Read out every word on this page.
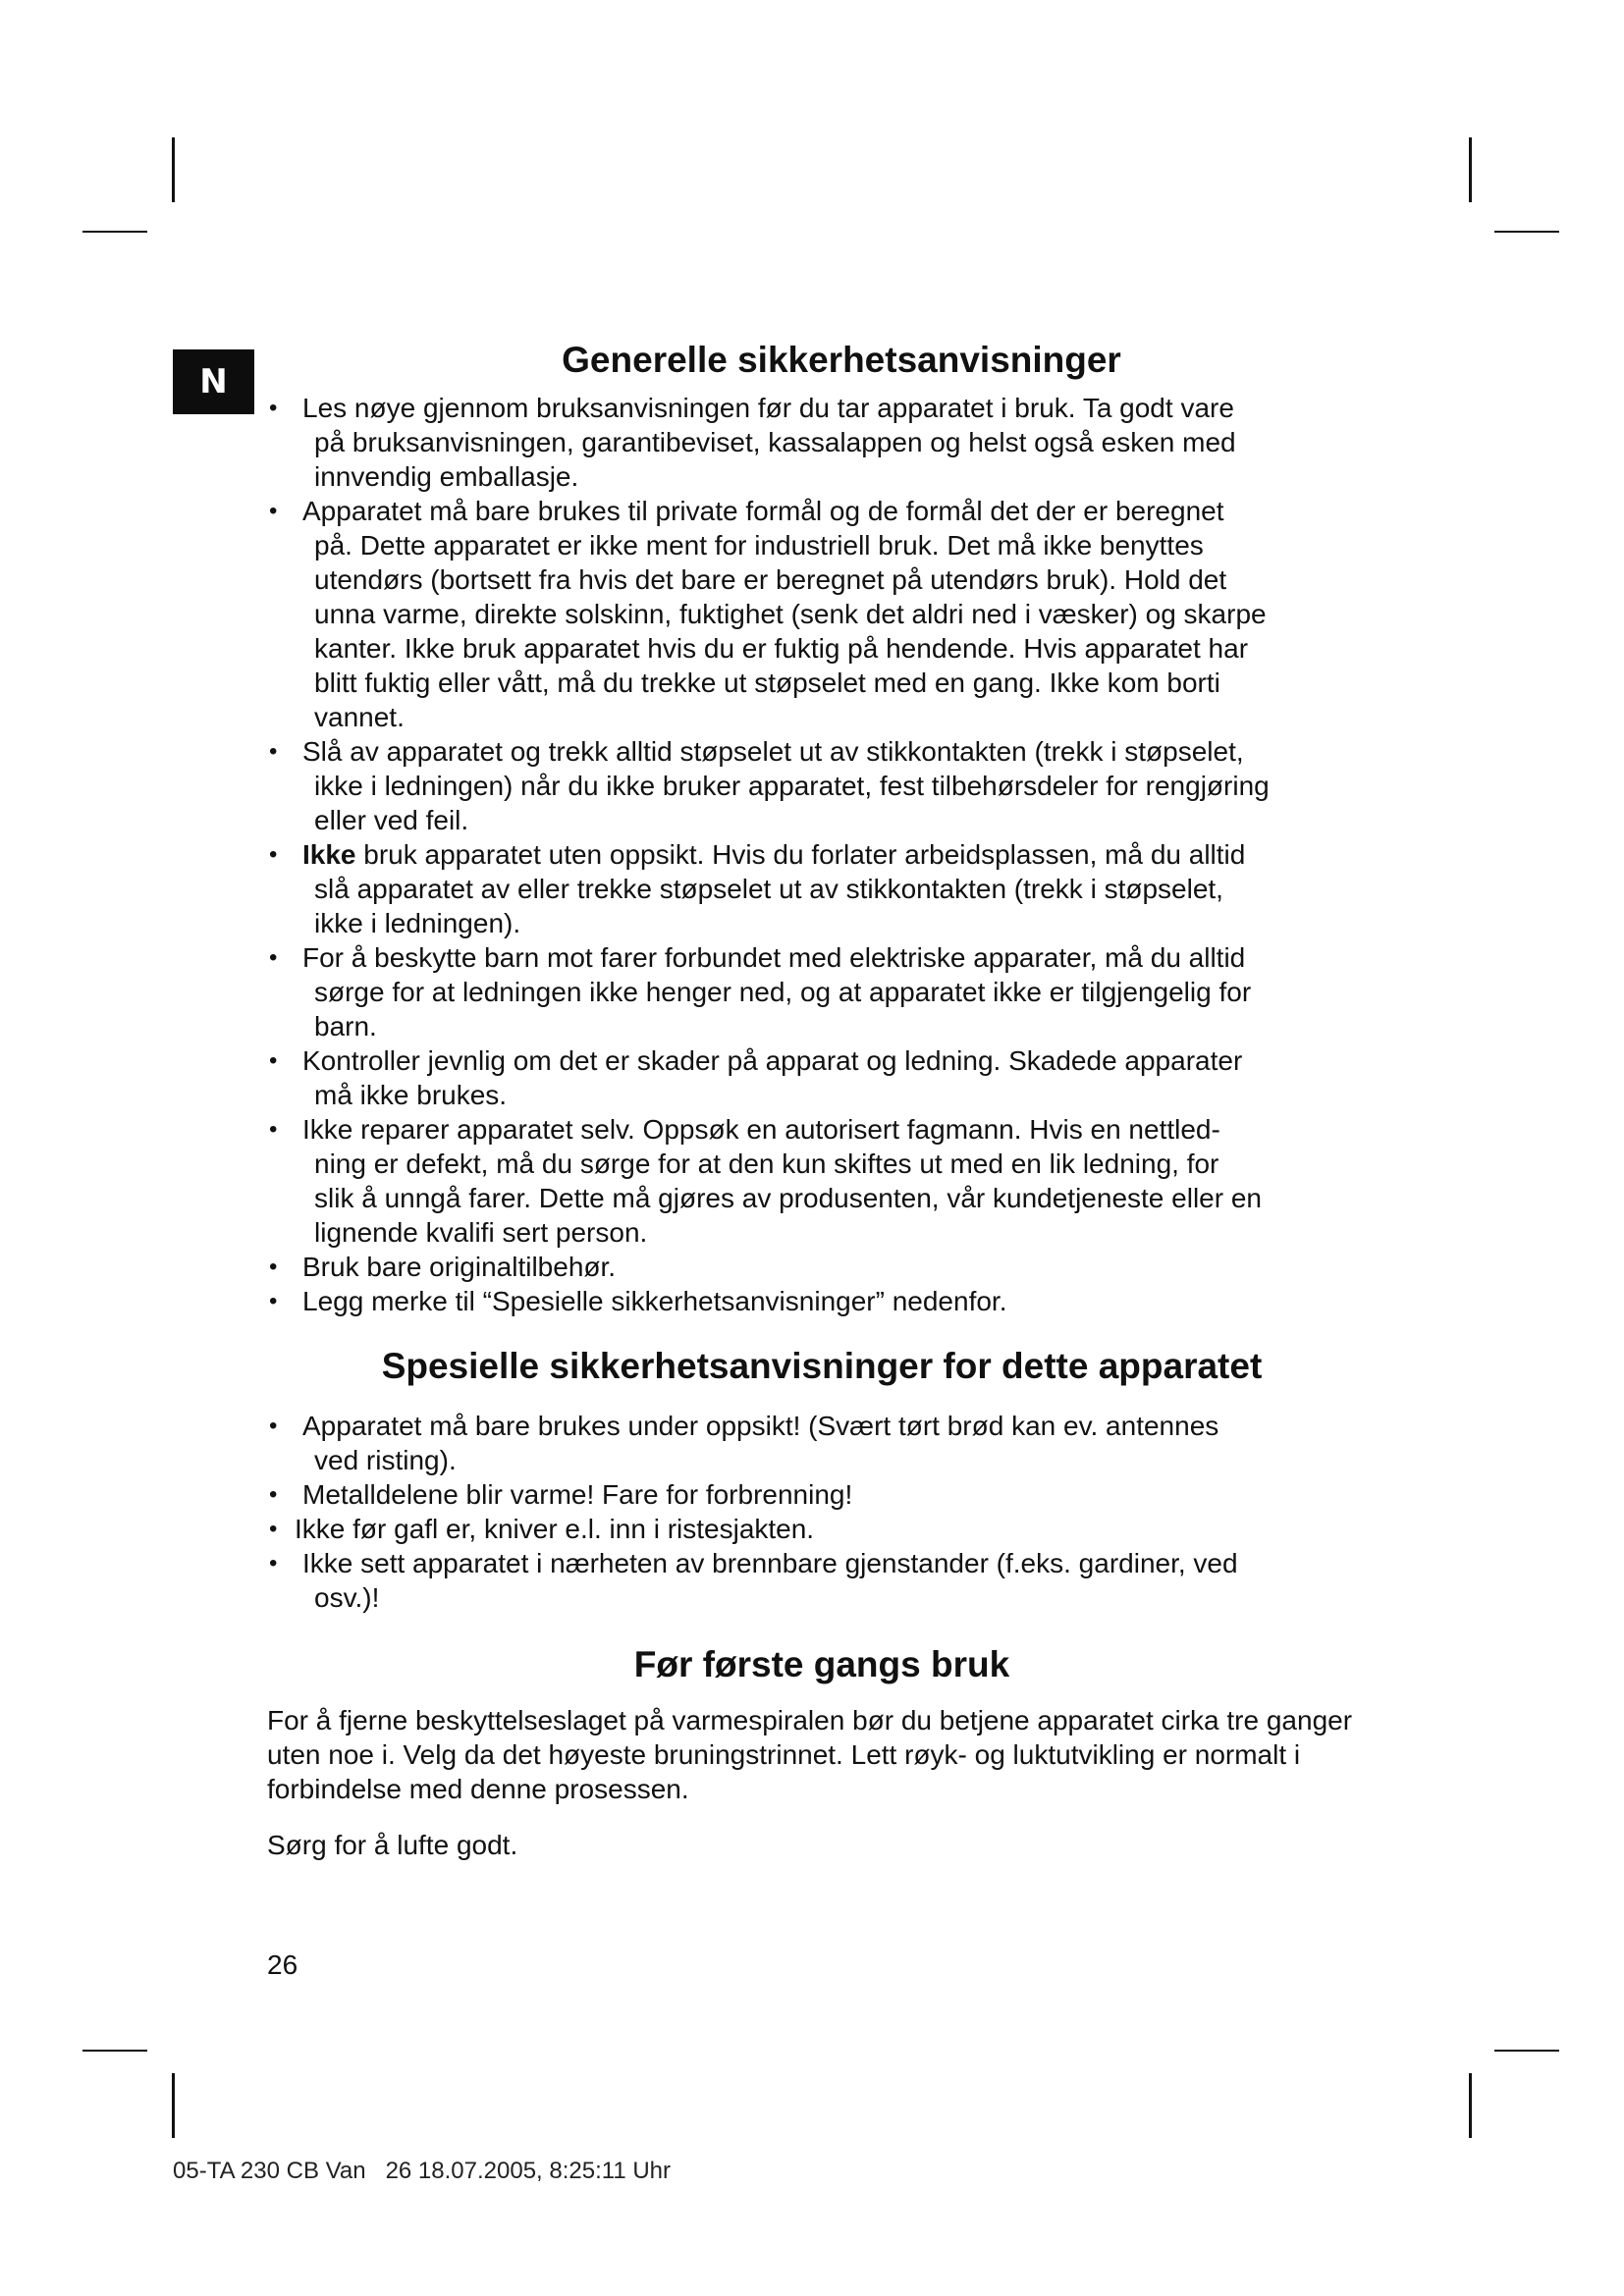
N
Generelle sikkerhetsanvisninger
• Les nøye gjennom bruksanvisningen før du tar apparatet i bruk. Ta godt vare
på bruksanvisningen, garantibeviset, kassalappen og helst også esken med
innvendig emballasje.
• Apparatet må bare brukes til private formål og de formål det der er beregnet
på. Dette apparatet er ikke ment for industriell bruk. Det må ikke benyttes
utendørs (bortsett fra hvis det bare er beregnet på utendørs bruk). Hold det
unna varme, direkte solskinn, fuktighet (senk det aldri ned i væsker) og skarpe
kanter. Ikke bruk apparatet hvis du er fuktig på hendende. Hvis apparatet har
blitt fuktig eller vått, må du trekke ut støpselet med en gang. Ikke kom borti
vannet.
• Slå av apparatet og trekk alltid støpselet ut av stikkontakten (trekk i støpselet,
ikke i ledningen) når du ikke bruker apparatet, fest tilbehørsdeler for rengjøring
eller ved feil.
• Ikke bruk apparatet uten oppsikt. Hvis du forlater arbeidsplassen, må du alltid
slå apparatet av eller trekke støpselet ut av stikkontakten (trekk i støpselet,
ikke i ledningen).
• For å beskytte barn mot farer forbundet med elektriske apparater, må du alltid
sørge for at ledningen ikke henger ned, og at apparatet ikke er tilgjengelig for
barn.
• Kontroller jevnlig om det er skader på apparat og ledning. Skadede apparater
må ikke brukes.
• Ikke reparer apparatet selv. Oppsøk en autorisert fagmann. Hvis en nettled-
ning er defekt, må du sørge for at den kun skiftes ut med en lik ledning, for
slik å unngå farer. Dette må gjøres av produsenten, vår kundetjeneste eller en
lignende kvalifi sert person.
• Bruk bare originaltilbehør.
• Legg merke til “Spesielle sikkerhetsanvisninger” nedenfor.
Spesielle sikkerhetsanvisninger for dette apparatet
• Apparatet må bare brukes under oppsikt! (Svært tørt brød kan ev. antennes
ved risting).
• Metalldelene blir varme! Fare for forbrenning!
• Ikke før gafl er, kniver e.l. inn i ristesjakten.
• Ikke sett apparatet i nærheten av brennbare gjenstander (f.eks. gardiner, ved
osv.)!
Før første gangs bruk

For å fjerne beskyttelseslaget på varmespiralen bør du betjene apparatet cirka tre ganger uten noe i. Velg da det høyeste bruningstrinnet. Lett røyk- og luktutvikling er normalt i forbindelse med denne prosessen.

Sørg for å lufte godt.

26
05-TA 230 CB Van   26 18.07.2005, 8:25:11 Uhr
